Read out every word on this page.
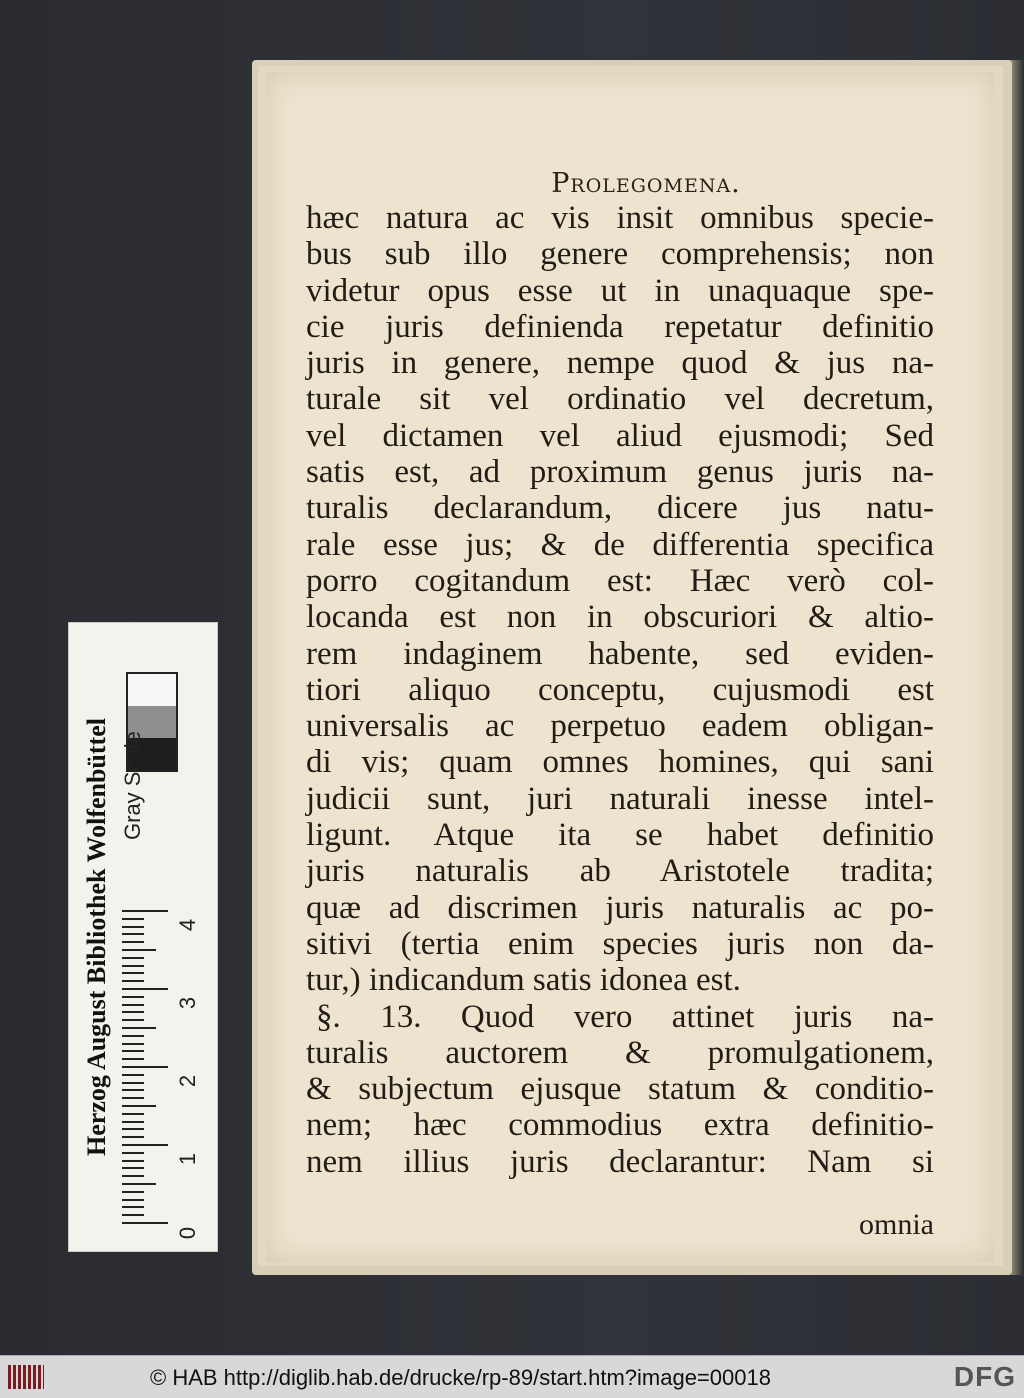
Prolegomena.
hæc natura ac vis insit omnibus specie-
bus sub illo genere comprehensis; non
videtur opus esse ut in unaquaque spe-
cie juris definienda repetatur definitio
juris in genere, nempe quod & jus na-
turale sit vel ordinatio vel decretum,
vel dictamen vel aliud ejusmodi; Sed
satis est, ad proximum genus juris na-
turalis declarandum, dicere jus natu-
rale esse jus; & de differentia specifica
porro cogitandum est: Hæc verò col-
locanda est non in obscuriori & altio-
rem indaginem habente, sed eviden-
tiori aliquo conceptu, cujusmodi est
universalis ac perpetuo eadem obligan-
di vis; quam omnes homines, qui sani
judicii sunt, juri naturali inesse intel-
ligunt. Atque ita se habet definitio
juris naturalis ab Aristotele tradita;
quæ ad discrimen juris naturalis ac po-
sitivi (tertia enim species juris non da-
tur,) indicandum satis idonea est.
§. 13. Quod vero attinet juris na-
turalis auctorem & promulgationem,
& subjectum ejusque statum & conditio-
nem; hæc commodius extra definitio-
nem illius juris declarantur: Nam si
omnia
Herzog August Bibliothek Wolfenbüttel Gray Scale
4
3
2
1
0
© HAB http://diglib.hab.de/drucke/rp-89/start.htm?image=00018	DFG
